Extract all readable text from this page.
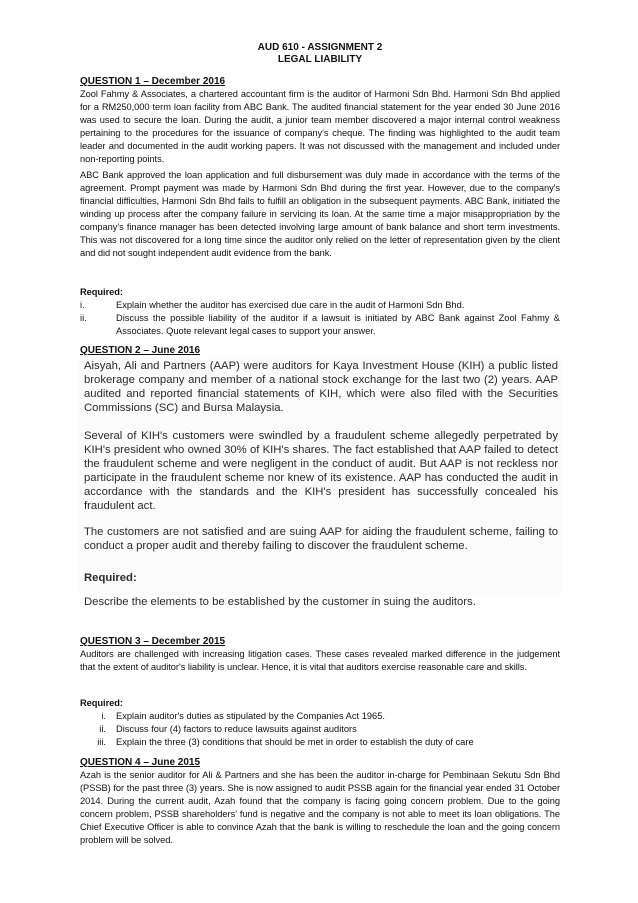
AUD 610 - ASSIGNMENT 2
LEGAL LIABILITY
QUESTION 1 – December 2016
Zool Fahmy & Associates, a chartered accountant firm is the auditor of Harmoni Sdn Bhd. Harmoni Sdn Bhd applied for a RM250,000 term loan facility from ABC Bank. The audited financial statement for the year ended 30 June 2016 was used to secure the loan. During the audit, a junior team member discovered a major internal control weakness pertaining to the procedures for the issuance of company's cheque. The finding was highlighted to the audit team leader and documented in the audit working papers. It was not discussed with the management and included under non-reporting points.
ABC Bank approved the loan application and full disbursement was duly made in accordance with the terms of the agreement. Prompt payment was made by Harmoni Sdn Bhd during the first year. However, due to the company's financial difficulties, Harmoni Sdn Bhd fails to fulfill an obligation in the subsequent payments. ABC Bank, initiated the winding up process after the company failure in servicing its loan. At the same time a major misappropriation by the company's finance manager has been detected involving large amount of bank balance and short term investments. This was not discovered for a long time since the auditor only relied on the letter of representation given by the client and did not sought independent audit evidence from the bank.
Required:
i.	Explain whether the auditor has exercised due care in the audit of Harmoni Sdn Bhd.
ii.	Discuss the possible liability of the auditor if a lawsuit is initiated by ABC Bank against Zool Fahmy & Associates. Quote relevant legal cases to support your answer.
QUESTION 2 – June 2016
Aisyah, Ali and Partners (AAP) were auditors for Kaya Investment House (KIH) a public listed brokerage company and member of a national stock exchange for the last two (2) years. AAP audited and reported financial statements of KIH, which were also filed with the Securities Commissions (SC) and Bursa Malaysia.
Several of KIH's customers were swindled by a fraudulent scheme allegedly perpetrated by KIH's president who owned 30% of KIH's shares. The fact established that AAP failed to detect the fraudulent scheme and were negligent in the conduct of audit. But AAP is not reckless nor participate in the fraudulent scheme nor knew of its existence. AAP has conducted the audit in accordance with the standards and the KIH's president has successfully concealed his fraudulent act.
The customers are not satisfied and are suing AAP for aiding the fraudulent scheme, failing to conduct a proper audit and thereby failing to discover the fraudulent scheme.
Required:
Describe the elements to be established by the customer in suing the auditors.
QUESTION 3 – December 2015
Auditors are challenged with increasing litigation cases. These cases revealed marked difference in the judgement that the extent of auditor's liability is unclear. Hence, it is vital that auditors exercise reasonable care and skills.
Required:
i.	Explain auditor's duties as stipulated by the Companies Act 1965.
ii.	Discuss four (4) factors to reduce lawsuits against auditors
iii.	Explain the three (3) conditions that should be met in order to establish the duty of care
QUESTION 4 – June 2015
Azah is the senior auditor for Ali & Partners and she has been the auditor in-charge for Pembinaan Sekutu Sdn Bhd (PSSB) for the past three (3) years. She is now assigned to audit PSSB again for the financial year ended 31 October 2014. During the current audit, Azah found that the company is facing going concern problem. Due to the going concern problem, PSSB shareholders' fund is negative and the company is not able to meet its loan obligations. The Chief Executive Officer is able to convince Azah that the bank is willing to reschedule the loan and the going concern problem will be solved.
